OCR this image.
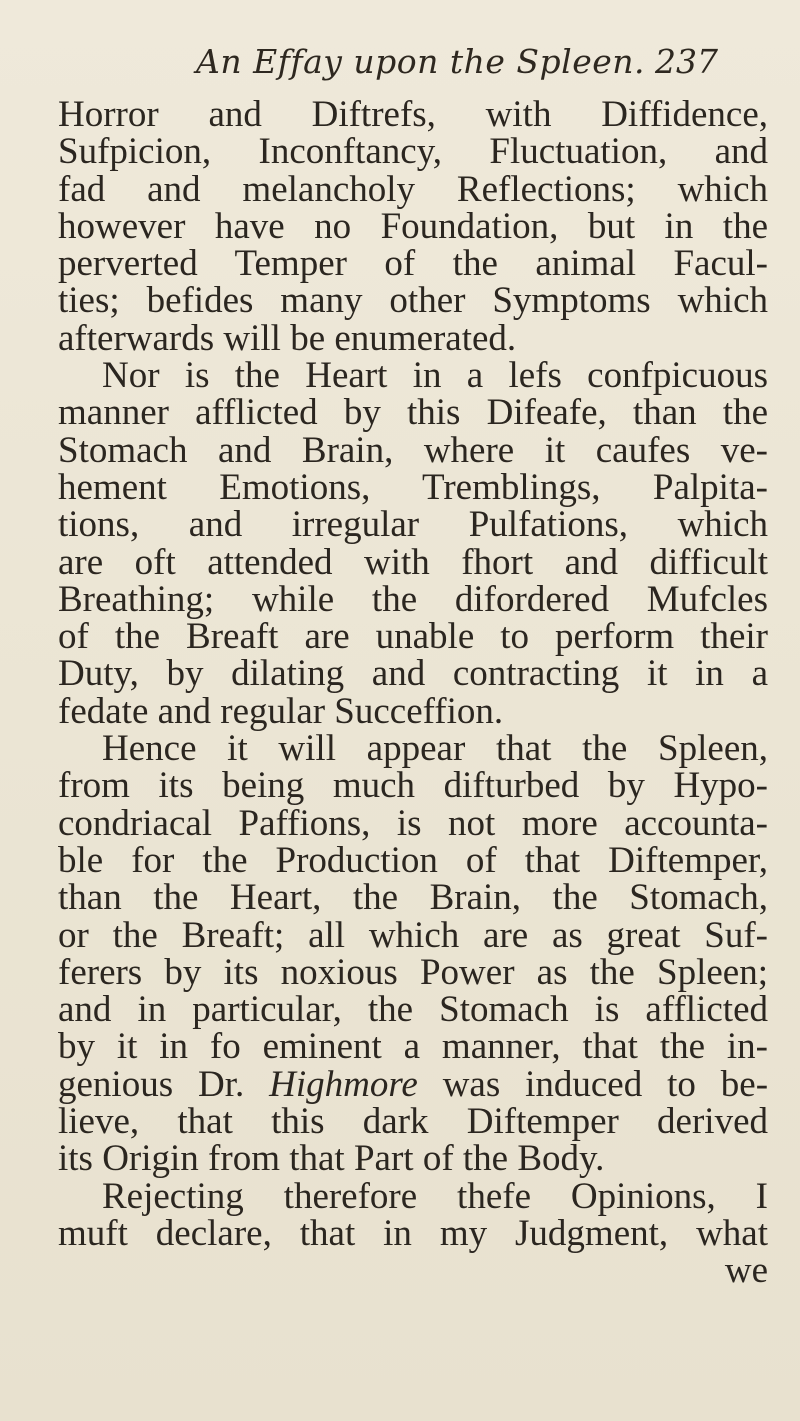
An Effay upon the Spleen. 237
Horror and Diftrefs, with Diffidence,
Sufpicion, Inconftancy, Fluctuation, and
fad and melancholy Reflections; which
however have no Foundation, but in the
perverted Temper of the animal Facul-
ties; befides many other Symptoms which
afterwards will be enumerated.
Nor is the Heart in a lefs confpicuous
manner afflicted by this Difeafe, than the
Stomach and Brain, where it caufes ve-
hement Emotions, Tremblings, Palpita-
tions, and irregular Pulfations, which
are oft attended with fhort and difficult
Breathing; while the difordered Mufcles
of the Breaft are unable to perform their
Duty, by dilating and contracting it in a
fedate and regular Succeffion.
Hence it will appear that the Spleen,
from its being much difturbed by Hypo-
condriacal Paffions, is not more accounta-
ble for the Production of that Diftemper,
than the Heart, the Brain, the Stomach,
or the Breaft; all which are as great Suf-
ferers by its noxious Power as the Spleen;
and in particular, the Stomach is afflicted
by it in fo eminent a manner, that the in-
genious Dr. Highmore was induced to be-
lieve, that this dark Diftemper derived
its Origin from that Part of the Body.
Rejecting therefore thefe Opinions, I
muft declare, that in my Judgment, what
we
